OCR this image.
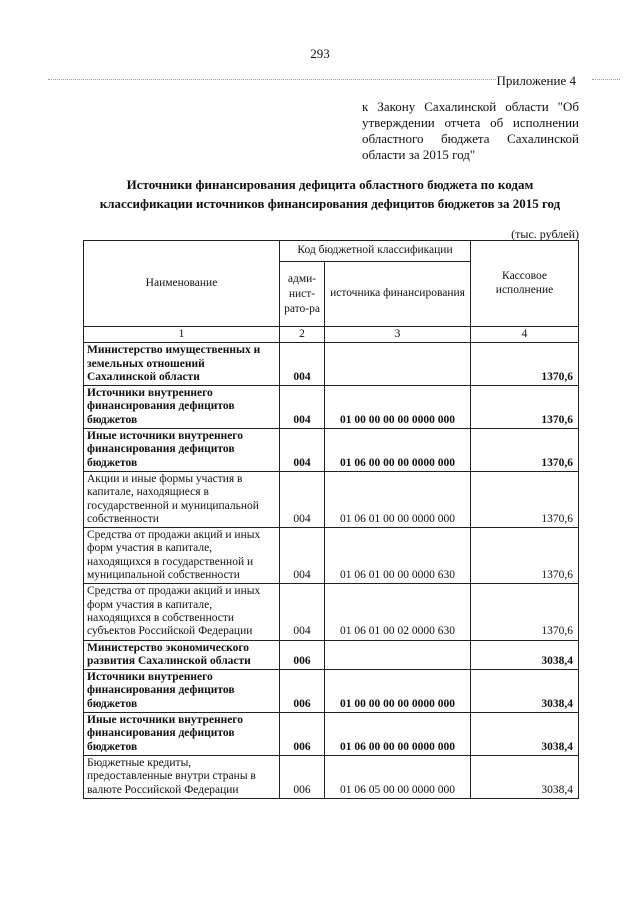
293
Приложение 4
к Закону Сахалинской области "Об утверждении отчета об исполнении областного бюджета Сахалинской области за 2015 год"
Источники финансирования дефицита областного бюджета по кодам
классификации источников финансирования дефицитов бюджетов за 2015 год
(тыс. рублей)
Наименование	Код бюджетной классификации		Кассовое исполнение
	адми-нист-рато-ра	источника финансирования	
1	2	3	4
Министерство имущественных и земельных отношений Сахалинской области	004		1370,6
Источники внутреннего финансирования дефицитов бюджетов	004	01 00 00 00 00 0000 000	1370,6
Иные источники внутреннего финансирования дефицитов бюджетов	004	01 06 00 00 00 0000 000	1370,6
Акции и иные формы участия в капитале, находящиеся в государственной и муниципальной собственности	004	01 06 01 00 00 0000 000	1370,6
Средства от продажи акций и иных форм участия в капитале, находящихся в государственной и муниципальной собственности	004	01 06 01 00 00 0000 630	1370,6
Средства от продажи акций и иных форм участия в капитале, находящихся в собственности субъектов Российской Федерации	004	01 06 01 00 02 0000 630	1370,6
Министерство экономического развития Сахалинской области	006		3038,4
Источники внутреннего финансирования дефицитов бюджетов	006	01 00 00 00 00 0000 000	3038,4
Иные источники внутреннего финансирования дефицитов бюджетов	006	01 06 00 00 00 0000 000	3038,4
Бюджетные кредиты, предоставленные внутри страны в валюте Российской Федерации	006	01 06 05 00 00 0000 000	3038,4
